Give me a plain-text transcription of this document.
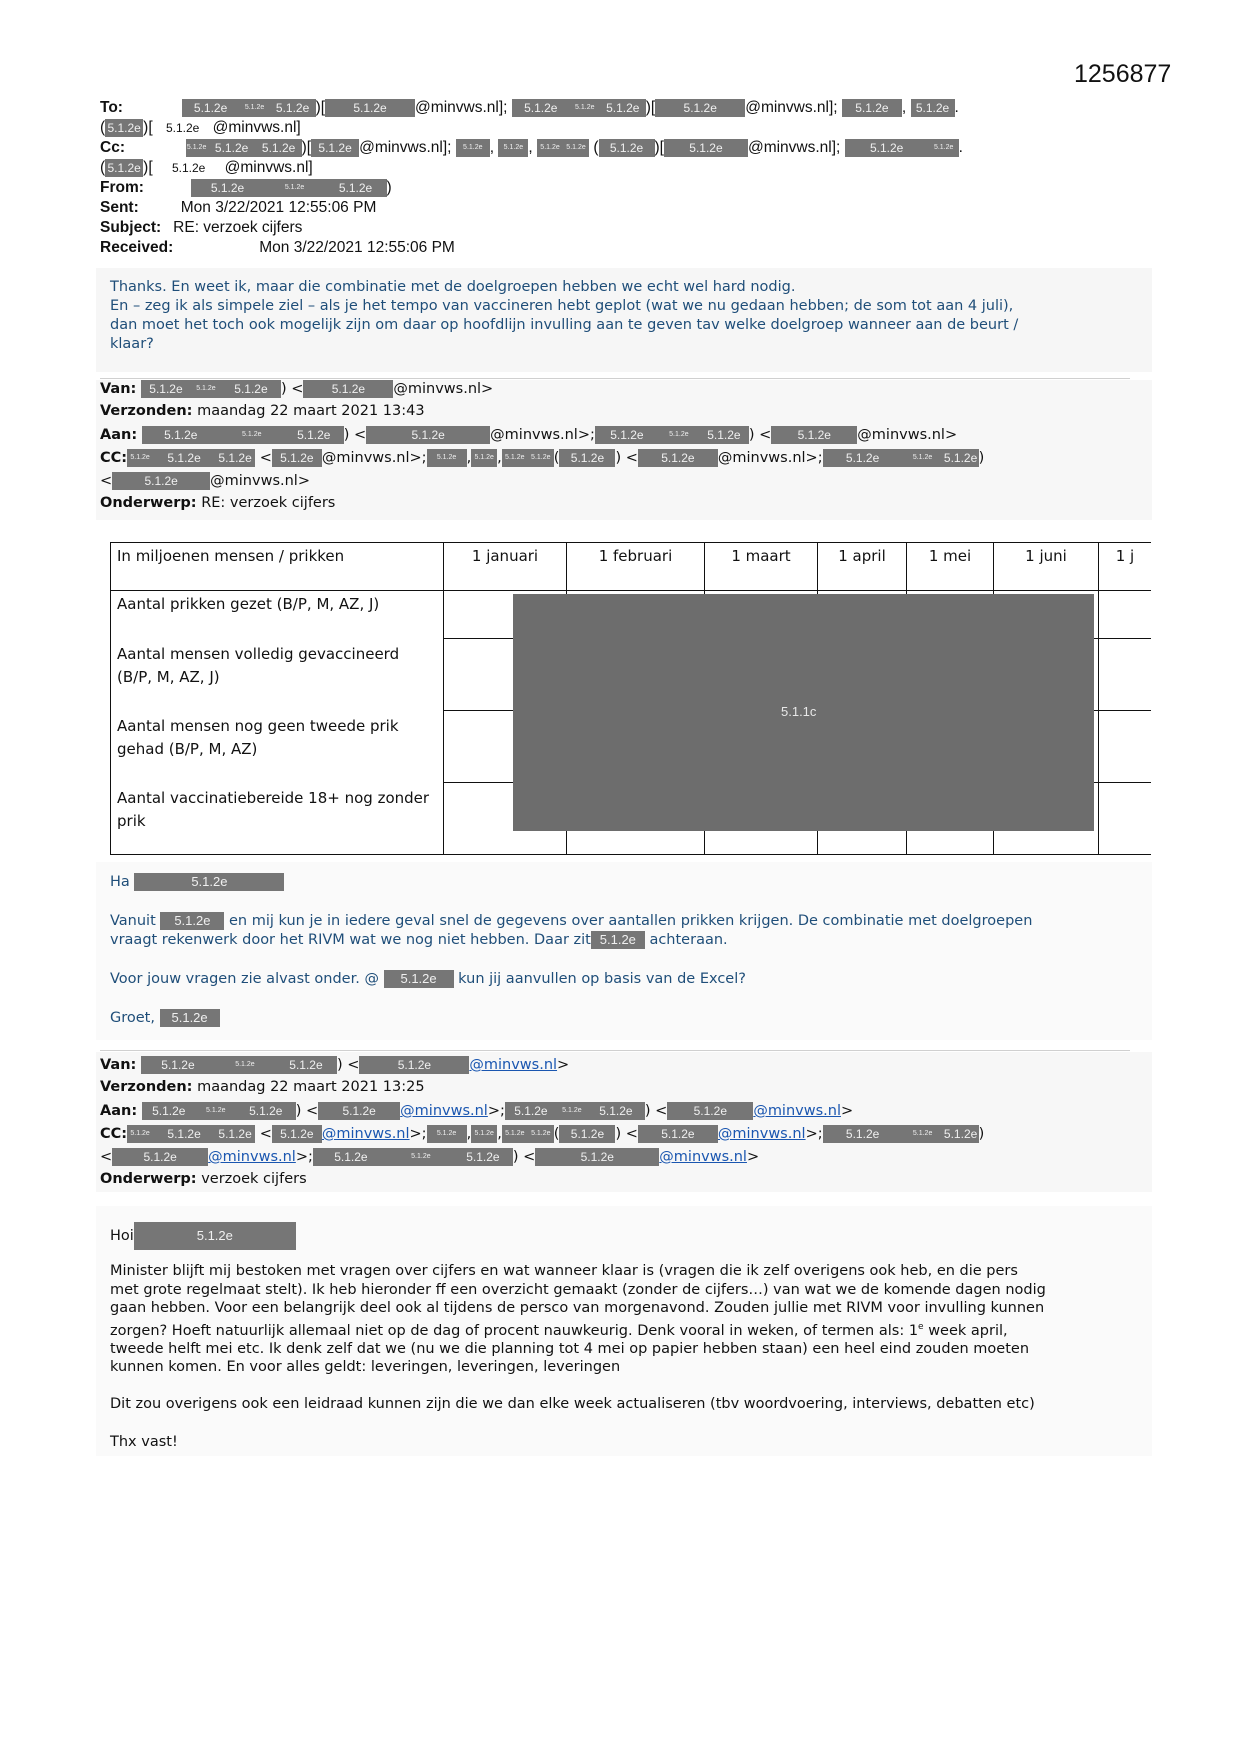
1256877
To:	5.1.2e	5.1.2e 5.1.2e )[ 5.1.2e @minvws.nl]; 5.1.2e	5.1.2e 5.1.2e )[ 5.1.2e @minvws.nl]; 5.1.2e , 5.1.2e .
( 5.1.2e )[ 5.1.2e @minvws.nl]
Cc:	5.1.2e 5.1.2e 5.1.2e )[ 5.1.2e @minvws.nl]; 5.1.2e , 5.1.2e , 5.1.2e 5.1.2e ( 5.1.2e )[ 5.1.2e @minvws.nl]; 5.1.2e	5.1.2e .
( 5.1.2e )[ 5.1.2e @minvws.nl]
From:	5.1.2e	5.1.2e	5.1.2e )
Sent:	Mon 3/22/2021 12:55:06 PM
Subject: RE: verzoek cijfers
Received:	Mon 3/22/2021 12:55:06 PM

Thanks. En weet ik, maar die combinatie met de doelgroepen hebben we echt wel hard nodig.

En – zeg ik als simpele ziel – als je het tempo van vaccineren hebt geplot (wat we nu gedaan hebben; de som tot aan 4 juli),

dan moet het toch ook mogelijk zijn om daar op hoofdlijn invulling aan te geven tav welke doelgroep wanneer aan de beurt /

klaar?

Van: 5.1.2e 5.1.2e 5.1.2e ) < 5.1.2e @minvws.nl>
Verzonden: maandag 22 maart 2021 13:43
Aan: 5.1.2e	5.1.2e	5.1.2e ) <	5.1.2e	@minvws.nl>; 5.1.2e	5.1.2e 5.1.2e ) < 5.1.2e @minvws.nl>
CC: 5.1.2e 5.1.2e 5.1.2e < 5.1.2e @minvws.nl>; 5.1.2e , 5.1.2e , 5.1.2e 5.1.2e ( 5.1.2e ) < 5.1.2e @minvws.nl>; 5.1.2e	5.1.2e 5.1.2e)
<	5.1.2e @minvws.nl>
Onderwerp: RE: verzoek cijfers
In miljoenen mensen / prikken	1 januari	1 februari	1 maart	1 april	1 mei	1 juni	1 j
Aantal prikken gezet (B/P, M, AZ, J)							
Aantal mensen volledig gevaccineerd (B/P, M, AZ, J)							
Aantal mensen nog geen tweede prik gehad (B/P, M, AZ)							
Aantal vaccinatiebereide 18+ nog zonder prik							
5.1.1c
Ha	5.1.2e

Vanuit 5.1.2e en mij kun je in iedere geval snel de gegevens over aantallen prikken krijgen. De combinatie met doelgroepen

vraagt rekenwerk door het RIVM wat we nog niet hebben. Daar zit 5.1.2e achteraan.

Voor jouw vragen zie alvast onder. @ 5.1.2e kun jij aanvullen op basis van de Excel?
Groet, 5.1.2e
Van: 5.1.2e	5.1.2e	5.1.2e ) <	5.1.2e	@minvws.nl>
Verzonden: maandag 22 maart 2021 13:25
Aan: 5.1.2e	5.1.2e 5.1.2e ) < 5.1.2e @minvws.nl>; 5.1.2e 5.1.2e 5.1.2e ) < 5.1.2e @minvws.nl>
CC: 5.1.2e 5.1.2e 5.1.2e < 5.1.2e @minvws.nl>; 5.1.2e , 5.1.2e , 5.1.2e 5.1.2e ( 5.1.2e ) < 5.1.2e @minvws.nl>; 5.1.2e	5.1.2e 5.1.2e)
<	5.1.2e @minvws.nl>; 5.1.2e	5.1.2e	5.1.2e ) <	5.1.2e	@minvws.nl>
Onderwerp: verzoek cijfers
Hoi	5.1.2e

Minister blijft mij bestoken met vragen over cijfers en wat wanneer klaar is (vragen die ik zelf overigens ook heb, en die pers

met grote regelmaat stelt). Ik heb hieronder ff een overzicht gemaakt (zonder de cijfers…) van wat we de komende dagen nodig

gaan hebben. Voor een belangrijk deel ook al tijdens de persco van morgenavond. Zouden jullie met RIVM voor invulling kunnen

zorgen? Hoeft natuurlijk allemaal niet op de dag of procent nauwkeurig. Denk vooral in weken, of termen als: 1e week april,

tweede helft mei etc. Ik denk zelf dat we (nu we die planning tot 4 mei op papier hebben staan) een heel eind zouden moeten

kunnen komen. En voor alles geldt: leveringen, leveringen, leveringen

Dit zou overigens ook een leidraad kunnen zijn die we dan elke week actualiseren (tbv woordvoering, interviews, debatten etc)
Thx vast!
